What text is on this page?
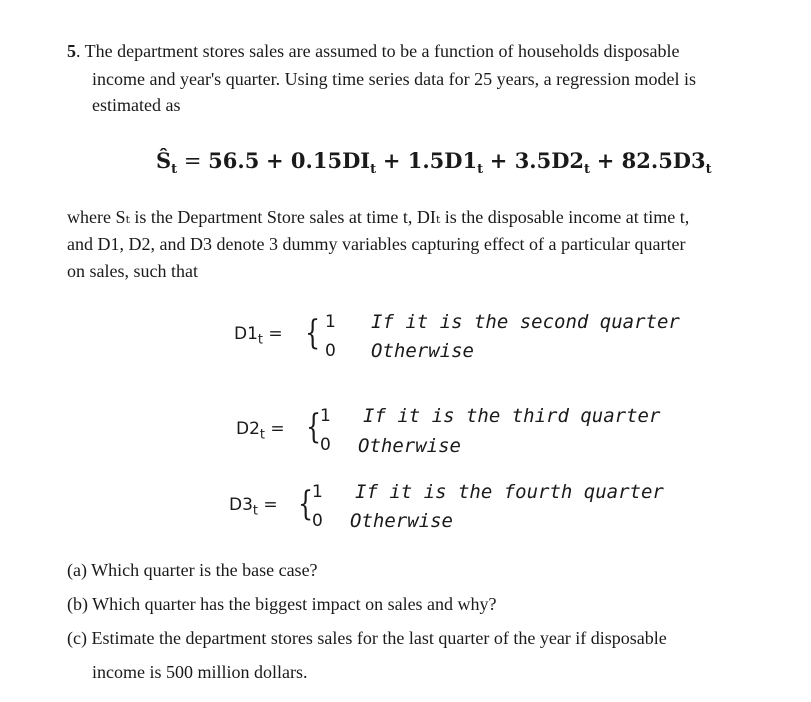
5. The department stores sales are assumed to be a function of households disposable
income and year's quarter. Using time series data for 25 years, a regression model is
estimated as
$Ŝ_t = 56.5 + 0.15DI_t + 1.5D1_t + 3.5D2_t + 82.5D3_t$
where Sₜ is the Department Store sales at time t, DIₜ is the disposable income at time t,
and D1, D2, and D3 denote 3 dummy variables capturing effect of a particular quarter
on sales, such that
$D1_t$ = { 1
0
If it is the second quarter
Otherwise
$D2_t$ = {
1
0
If it is the third quarter
Otherwise
$D3_t$ = {
1
0
If it is the fourth quarter
Otherwise
(a) Which quarter is the base case?
(b) Which quarter has the biggest impact on sales and why?
(c) Estimate the department stores sales for the last quarter of the year if disposable
income is 500 million dollars.
